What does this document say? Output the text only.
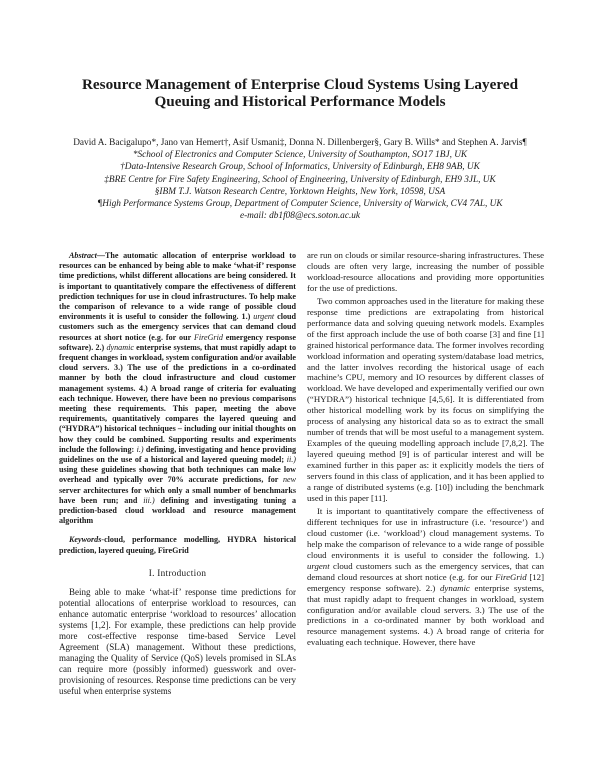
Resource Management of Enterprise Cloud Systems Using Layered Queuing and Historical Performance Models
David A. Bacigalupo*, Jano van Hemert†, Asif Usmani‡, Donna N. Dillenberger§, Gary B. Wills* and Stephen A. Jarvis¶
*School of Electronics and Computer Science, University of Southampton, SO17 1BJ, UK
†Data-Intensive Research Group, School of Informatics, University of Edinburgh, EH8 9AB, UK
‡BRE Centre for Fire Safety Engineering, School of Engineering, University of Edinburgh, EH9 3JL, UK
§IBM T.J. Watson Research Centre, Yorktown Heights, New York, 10598, USA
¶High Performance Systems Group, Department of Computer Science, University of Warwick, CV4 7AL, UK
e-mail: db1f08@ecs.soton.ac.uk

Abstract—The automatic allocation of enterprise workload to resources can be enhanced by being able to make ‘what-if’ response time predictions, whilst different allocations are being considered. It is important to quantitatively compare the effectiveness of different prediction techniques for use in cloud infrastructures. To help make the comparison of relevance to a wide range of possible cloud environments it is useful to consider the following. 1.) urgent cloud customers such as the emergency services that can demand cloud resources at short notice (e.g. for our FireGrid emergency response software). 2.) dynamic enterprise systems, that must rapidly adapt to frequent changes in workload, system configuration and/or available cloud servers. 3.) The use of the predictions in a co-ordinated manner by both the cloud infrastructure and cloud customer management systems. 4.) A broad range of criteria for evaluating each technique. However, there have been no previous comparisons meeting these requirements. This paper, meeting the above requirements, quantitatively compares the layered queuing and (“HYDRA”) historical techniques – including our initial thoughts on how they could be combined. Supporting results and experiments include the following: i.) defining, investigating and hence providing guidelines on the use of a historical and layered queuing model; ii.) using these guidelines showing that both techniques can make low overhead and typically over 70% accurate predictions, for new server architectures for which only a small number of benchmarks have been run; and iii.) defining and investigating tuning a prediction-based cloud workload and resource management algorithm

Keywords-cloud, performance modelling, HYDRA historical prediction, layered queuing, FireGrid

I. Introduction

Being able to make ‘what-if’ response time predictions for potential allocations of enterprise workload to resources, can enhance automatic enterprise ‘workload to resources’ allocation systems [1,2]. For example, these predictions can help provide more cost-effective response time-based Service Level Agreement (SLA) management. Without these predictions, managing the Quality of Service (QoS) levels promised in SLAs can require more (possibly informed) guesswork and over-provisioning of resources. Response time predictions can be very useful when enterprise systems

are run on clouds or similar resource-sharing infrastructures. These clouds are often very large, increasing the number of possible workload-resource allocations and providing more opportunities for the use of predictions.

Two common approaches used in the literature for making these response time predictions are extrapolating from historical performance data and solving queuing network models. Examples of the first approach include the use of both coarse [3] and fine [1] grained historical performance data. The former involves recording workload information and operating system/database load metrics, and the latter involves recording the historical usage of each machine’s CPU, memory and IO resources by different classes of workload. We have developed and experimentally verified our own (“HYDRA”) historical technique [4,5,6]. It is differentiated from other historical modelling work by its focus on simplifying the process of analysing any historical data so as to extract the small number of trends that will be most useful to a management system. Examples of the queuing modelling approach include [7,8,2]. The layered queuing method [9] is of particular interest and will be examined further in this paper as: it explicitly models the tiers of servers found in this class of application, and it has been applied to a range of distributed systems (e.g. [10]) including the benchmark used in this paper [11].

It is important to quantitatively compare the effectiveness of different techniques for use in infrastructure (i.e. ‘resource’) and cloud customer (i.e. ‘workload’) cloud management systems. To help make the comparison of relevance to a wide range of possible cloud environments it is useful to consider the following. 1.) urgent cloud customers such as the emergency services, that can demand cloud resources at short notice (e.g. for our FireGrid [12] emergency response software). 2.) dynamic enterprise systems, that must rapidly adapt to frequent changes in workload, system configuration and/or available cloud servers. 3.) The use of the predictions in a co-ordinated manner by both workload and resource management systems. 4.) A broad range of criteria for evaluating each technique. However, there have
